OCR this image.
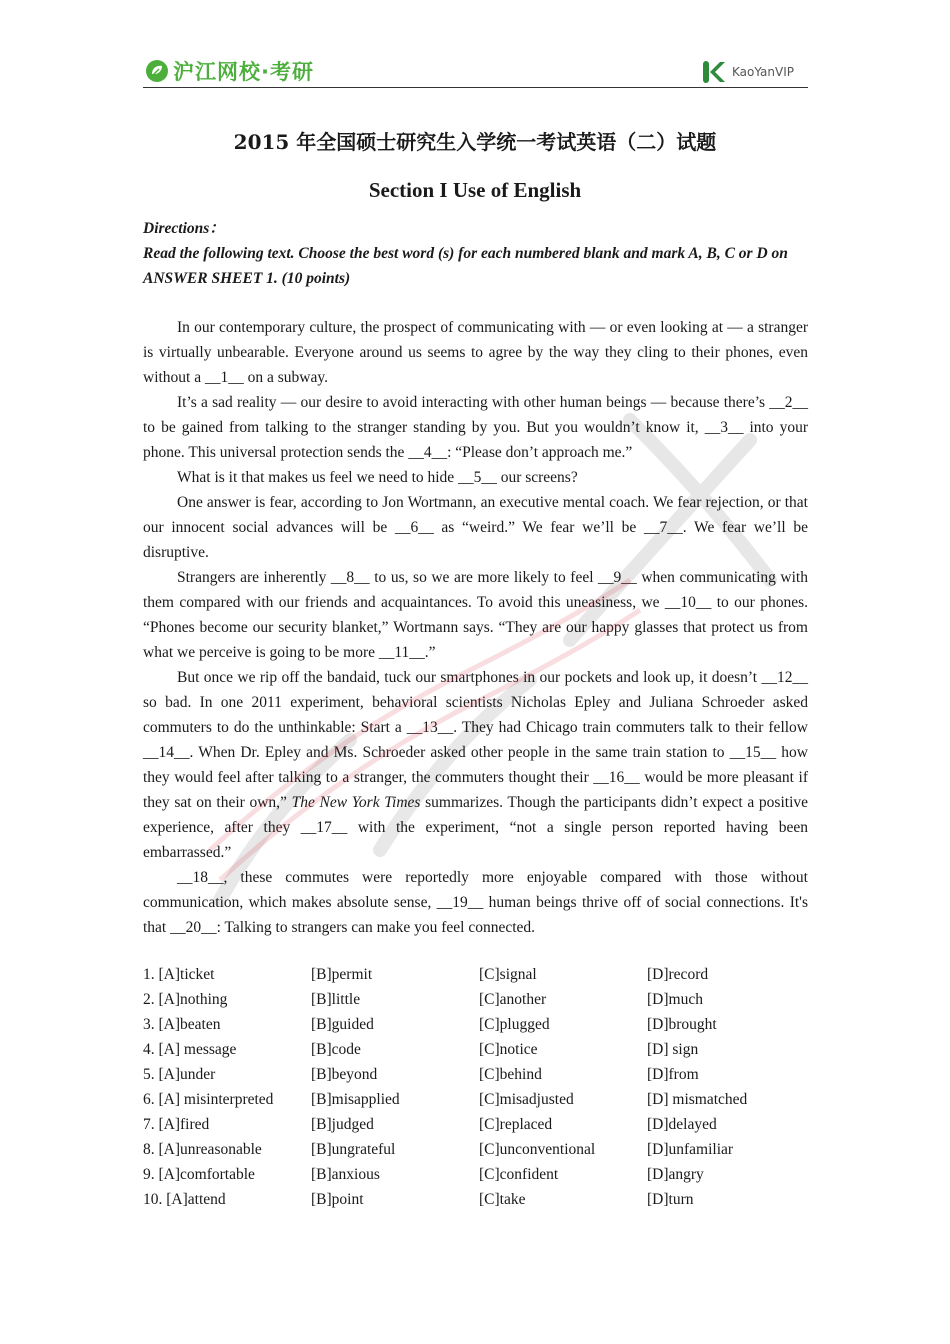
沪江网校·考研	KaoYanVIP
2015 年全国硕士研究生入学统一考试英语（二）试题
Section I Use of English

Directions：

Read the following text. Choose the best word (s) for each numbered blank and mark A, B, C or D on ANSWER SHEET 1. (10 points)

In our contemporary culture, the prospect of communicating with — or even looking at — a stranger is virtually unbearable. Everyone around us seems to agree by the way they cling to their phones, even without a __1__ on a subway.

It’s a sad reality — our desire to avoid interacting with other human beings — because there’s __2__ to be gained from talking to the stranger standing by you. But you wouldn’t know it, __3__ into your phone. This universal protection sends the __4__: “Please don’t approach me.”

What is it that makes us feel we need to hide __5__ our screens?

One answer is fear, according to Jon Wortmann, an executive mental coach. We fear rejection, or that our innocent social advances will be __6__ as “weird.” We fear we’ll be __7__. We fear we’ll be disruptive.

Strangers are inherently __8__ to us, so we are more likely to feel __9__ when communicating with them compared with our friends and acquaintances. To avoid this uneasiness, we __10__ to our phones. “Phones become our security blanket,” Wortmann says. “They are our happy glasses that protect us from what we perceive is going to be more __11__.”

But once we rip off the bandaid, tuck our smartphones in our pockets and look up, it doesn’t __12__ so bad. In one 2011 experiment, behavioral scientists Nicholas Epley and Juliana Schroeder asked commuters to do the unthinkable: Start a __13__. They had Chicago train commuters talk to their fellow __14__. When Dr. Epley and Ms. Schroeder asked other people in the same train station to __15__ how they would feel after talking to a stranger, the commuters thought their __16__ would be more pleasant if they sat on their own,” The New York Times summarizes. Though the participants didn’t expect a positive experience, after they __17__ with the experiment, “not a single person reported having been embarrassed.”

__18__, these commutes were reportedly more enjoyable compared with those without communication, which makes absolute sense, __19__ human beings thrive off of social connections. It's that __20__: Talking to strangers can make you feel connected.

1. [A]ticket	[B]permit	[C]signal	[D]record
2. [A]nothing	[B]little	[C]another	[D]much
3. [A]beaten	[B]guided	[C]plugged	[D]brought
4. [A] message	[B]code	[C]notice	[D] sign
5. [A]under	[B]beyond	[C]behind	[D]from
6. [A] misinterpreted [B]misapplied	[C]misadjusted	[D] mismatched
7. [A]fired	[B]judged	[C]replaced	[D]delayed
8. [A]unreasonable	[B]ungrateful	[C]unconventional	[D]unfamiliar
9. [A]comfortable	[B]anxious	[C]confident	[D]angry
10. [A]attend	[B]point	[C]take	[D]turn
